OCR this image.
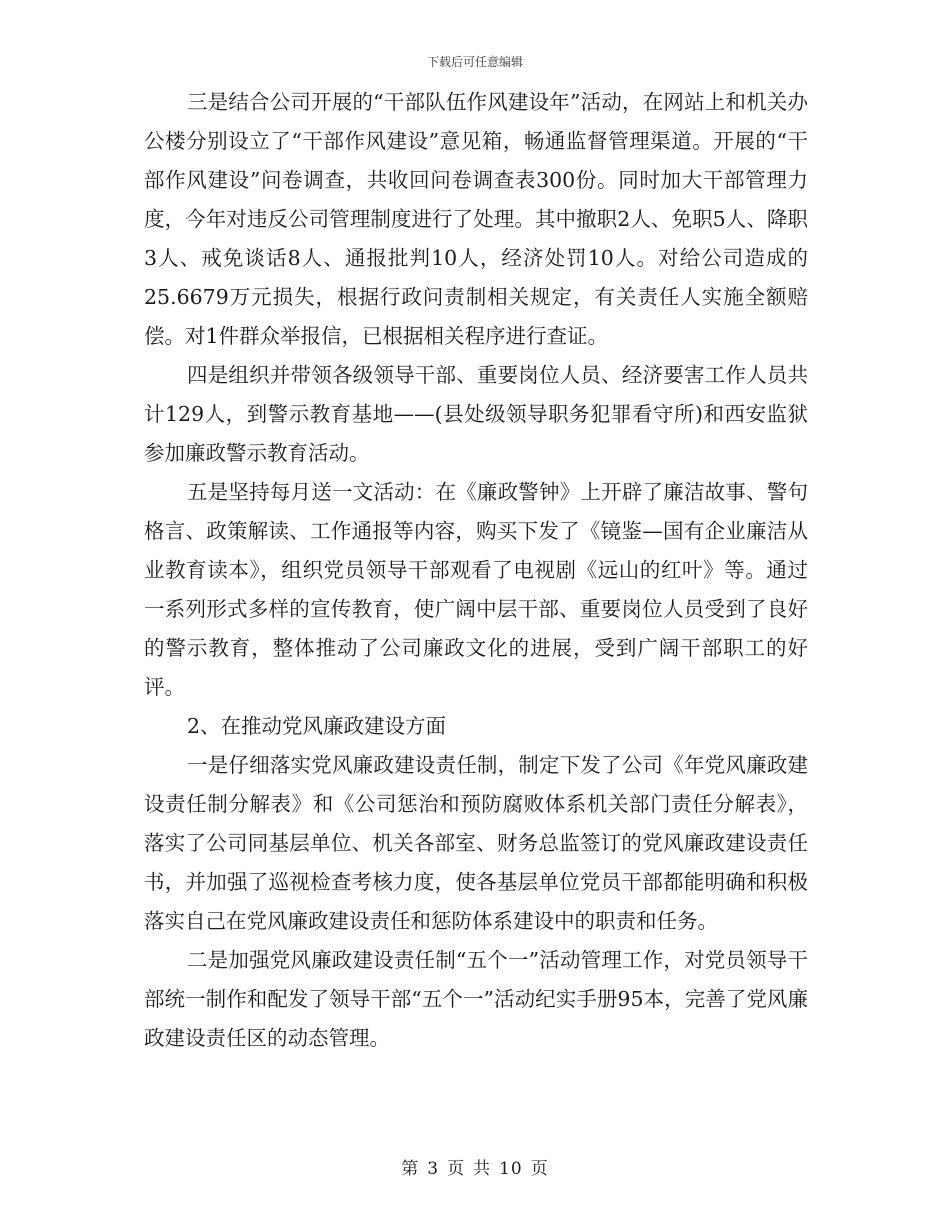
下载后可任意编辑

三是结合公司开展的“干部队伍作风建设年”活动，在网站上和机关办公楼分别设立了“干部作风建设”意见箱，畅通监督管理渠道。开展的“干部作风建设”问卷调查，共收回问卷调查表300份。同时加大干部管理力度，今年对违反公司管理制度进行了处理。其中撤职2人、免职5人、降职3人、戒免谈话8人、通报批判10人，经济处罚10人。对给公司造成的25.6679万元损失，根据行政问责制相关规定，有关责任人实施全额赔偿。对1件群众举报信，已根据相关程序进行查证。

四是组织并带领各级领导干部、重要岗位人员、经济要害工作人员共计129人，到警示教育基地——(县处级领导职务犯罪看守所)和西安监狱参加廉政警示教育活动。

五是坚持每月送一文活动：在《廉政警钟》上开辟了廉洁故事、警句格言、政策解读、工作通报等内容，购买下发了《镜鉴—国有企业廉洁从业教育读本》，组织党员领导干部观看了电视剧《远山的红叶》等。通过一系列形式多样的宣传教育，使广阔中层干部、重要岗位人员受到了良好的警示教育，整体推动了公司廉政文化的进展，受到广阔干部职工的好评。

2、在推动党风廉政建设方面

一是仔细落实党风廉政建设责任制，制定下发了公司《年党风廉政建设责任制分解表》和《公司惩治和预防腐败体系机关部门责任分解表》，落实了公司同基层单位、机关各部室、财务总监签订的党风廉政建设责任书，并加强了巡视检查考核力度，使各基层单位党员干部都能明确和积极落实自己在党风廉政建设责任和惩防体系建设中的职责和任务。

二是加强党风廉政建设责任制“五个一”活动管理工作，对党员领导干部统一制作和配发了领导干部“五个一”活动纪实手册95本，完善了党风廉政建设责任区的动态管理。

第 3 页 共 10 页
